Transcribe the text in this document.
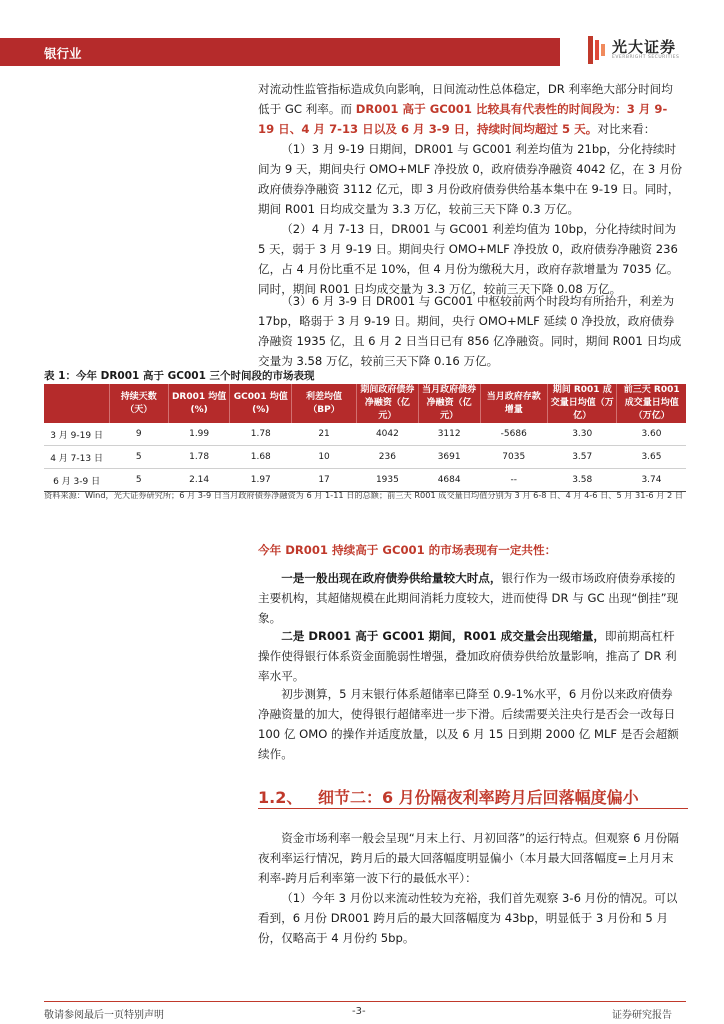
银行业	光大证券
EVERBRIGHT SECURITIES

对流动性监管指标造成负向影响，日间流动性总体稳定，DR 利率绝大部分时间均低于 GC 利率。而 DR001 高于 GC001 比较具有代表性的时间段为：3 月 9-19 日、4 月 7-13 日以及 6 月 3-9 日，持续时间均超过 5 天。对比来看：

（1）3 月 9-19 日期间，DR001 与 GC001 利差均值为 21bp，分化持续时间为 9 天，期间央行 OMO+MLF 净投放 0，政府债券净融资 4042 亿，在 3 月份政府债券净融资 3112 亿元，即 3 月份政府债券供给基本集中在 9-19 日。同时，期间 R001 日均成交量为 3.3 万亿，较前三天下降 0.3 万亿。

（2）4 月 7-13 日，DR001 与 GC001 利差均值为 10bp，分化持续时间为 5 天，弱于 3 月 9-19 日。期间央行 OMO+MLF 净投放 0，政府债券净融资 236 亿，占 4 月份比重不足 10%，但 4 月份为缴税大月，政府存款增量为 7035 亿。同时，期间 R001 日均成交量为 3.3 万亿，较前三天下降 0.08 万亿。

（3）6 月 3-9 日 DR001 与 GC001 中枢较前两个时段均有所抬升，利差为 17bp，略弱于 3 月 9-19 日。期间，央行 OMO+MLF 延续 0 净投放，政府债券净融资 1935 亿，且 6 月 2 日当日已有 856 亿净融资。同时，期间 R001 日均成交量为 3.58 万亿，较前三天下降 0.16 万亿。

表 1：今年 DR001 高于 GC001 三个时间段的市场表现
	持续天数（天）	DR001 均值 (%)	GC001 均值 (%)	利差均值（BP）	期间政府债券净融资（亿元）	当月政府债券净融资（亿元）	当月政府存款增量	期间 R001 成交量日均值（万亿）	前三天 R001 成交量日均值（万亿）
3 月 9-19 日	9	1.99	1.78	21	4042	3112	-5686	3.30	3.60
4 月 7-13 日	5	1.78	1.68	10	236	3691	7035	3.57	3.65
6 月 3-9 日	5	2.14	1.97	17	1935	4684	--	3.58	3.74

资料来源：Wind，光大证券研究所；6 月 3-9 日当月政府债券净融资为 6 月 1-11 日的总额；前三天 R001 成交量日均值分别为 3 月 6-8 日、4 月 4-6 日、5 月 31-6 月 2 日

今年 DR001 持续高于 GC001 的市场表现有一定共性：

一是一般出现在政府债券供给量较大时点，银行作为一级市场政府债券承接的主要机构，其超储规模在此期间消耗力度较大，进而使得 DR 与 GC 出现“倒挂”现象。

二是 DR001 高于 GC001 期间，R001 成交量会出现缩量，即前期高杠杆操作使得银行体系资金面脆弱性增强，叠加政府债券供给放量影响，推高了 DR 利率水平。

初步测算，5 月末银行体系超储率已降至 0.9-1%水平，6 月份以来政府债券净融资量的加大，使得银行超储率进一步下滑。后续需要关注央行是否会一改每日 100 亿 OMO 的操作并适度放量，以及 6 月 15 日到期 2000 亿 MLF 是否会超额续作。

1.2、 细节二：6 月份隔夜利率跨月后回落幅度偏小

资金市场利率一般会呈现“月末上行、月初回落”的运行特点。但观察 6 月份隔夜利率运行情况，跨月后的最大回落幅度明显偏小（本月最大回落幅度=上月月末利率-跨月后利率第一波下行的最低水平）：

（1）今年 3 月份以来流动性较为充裕，我们首先观察 3-6 月份的情况。可以看到，6 月份 DR001 跨月后的最大回落幅度为 43bp，明显低于 3 月份和 5 月份，仅略高于 4 月份约 5bp。

敬请参阅最后一页特别声明	-3-	证券研究报告
